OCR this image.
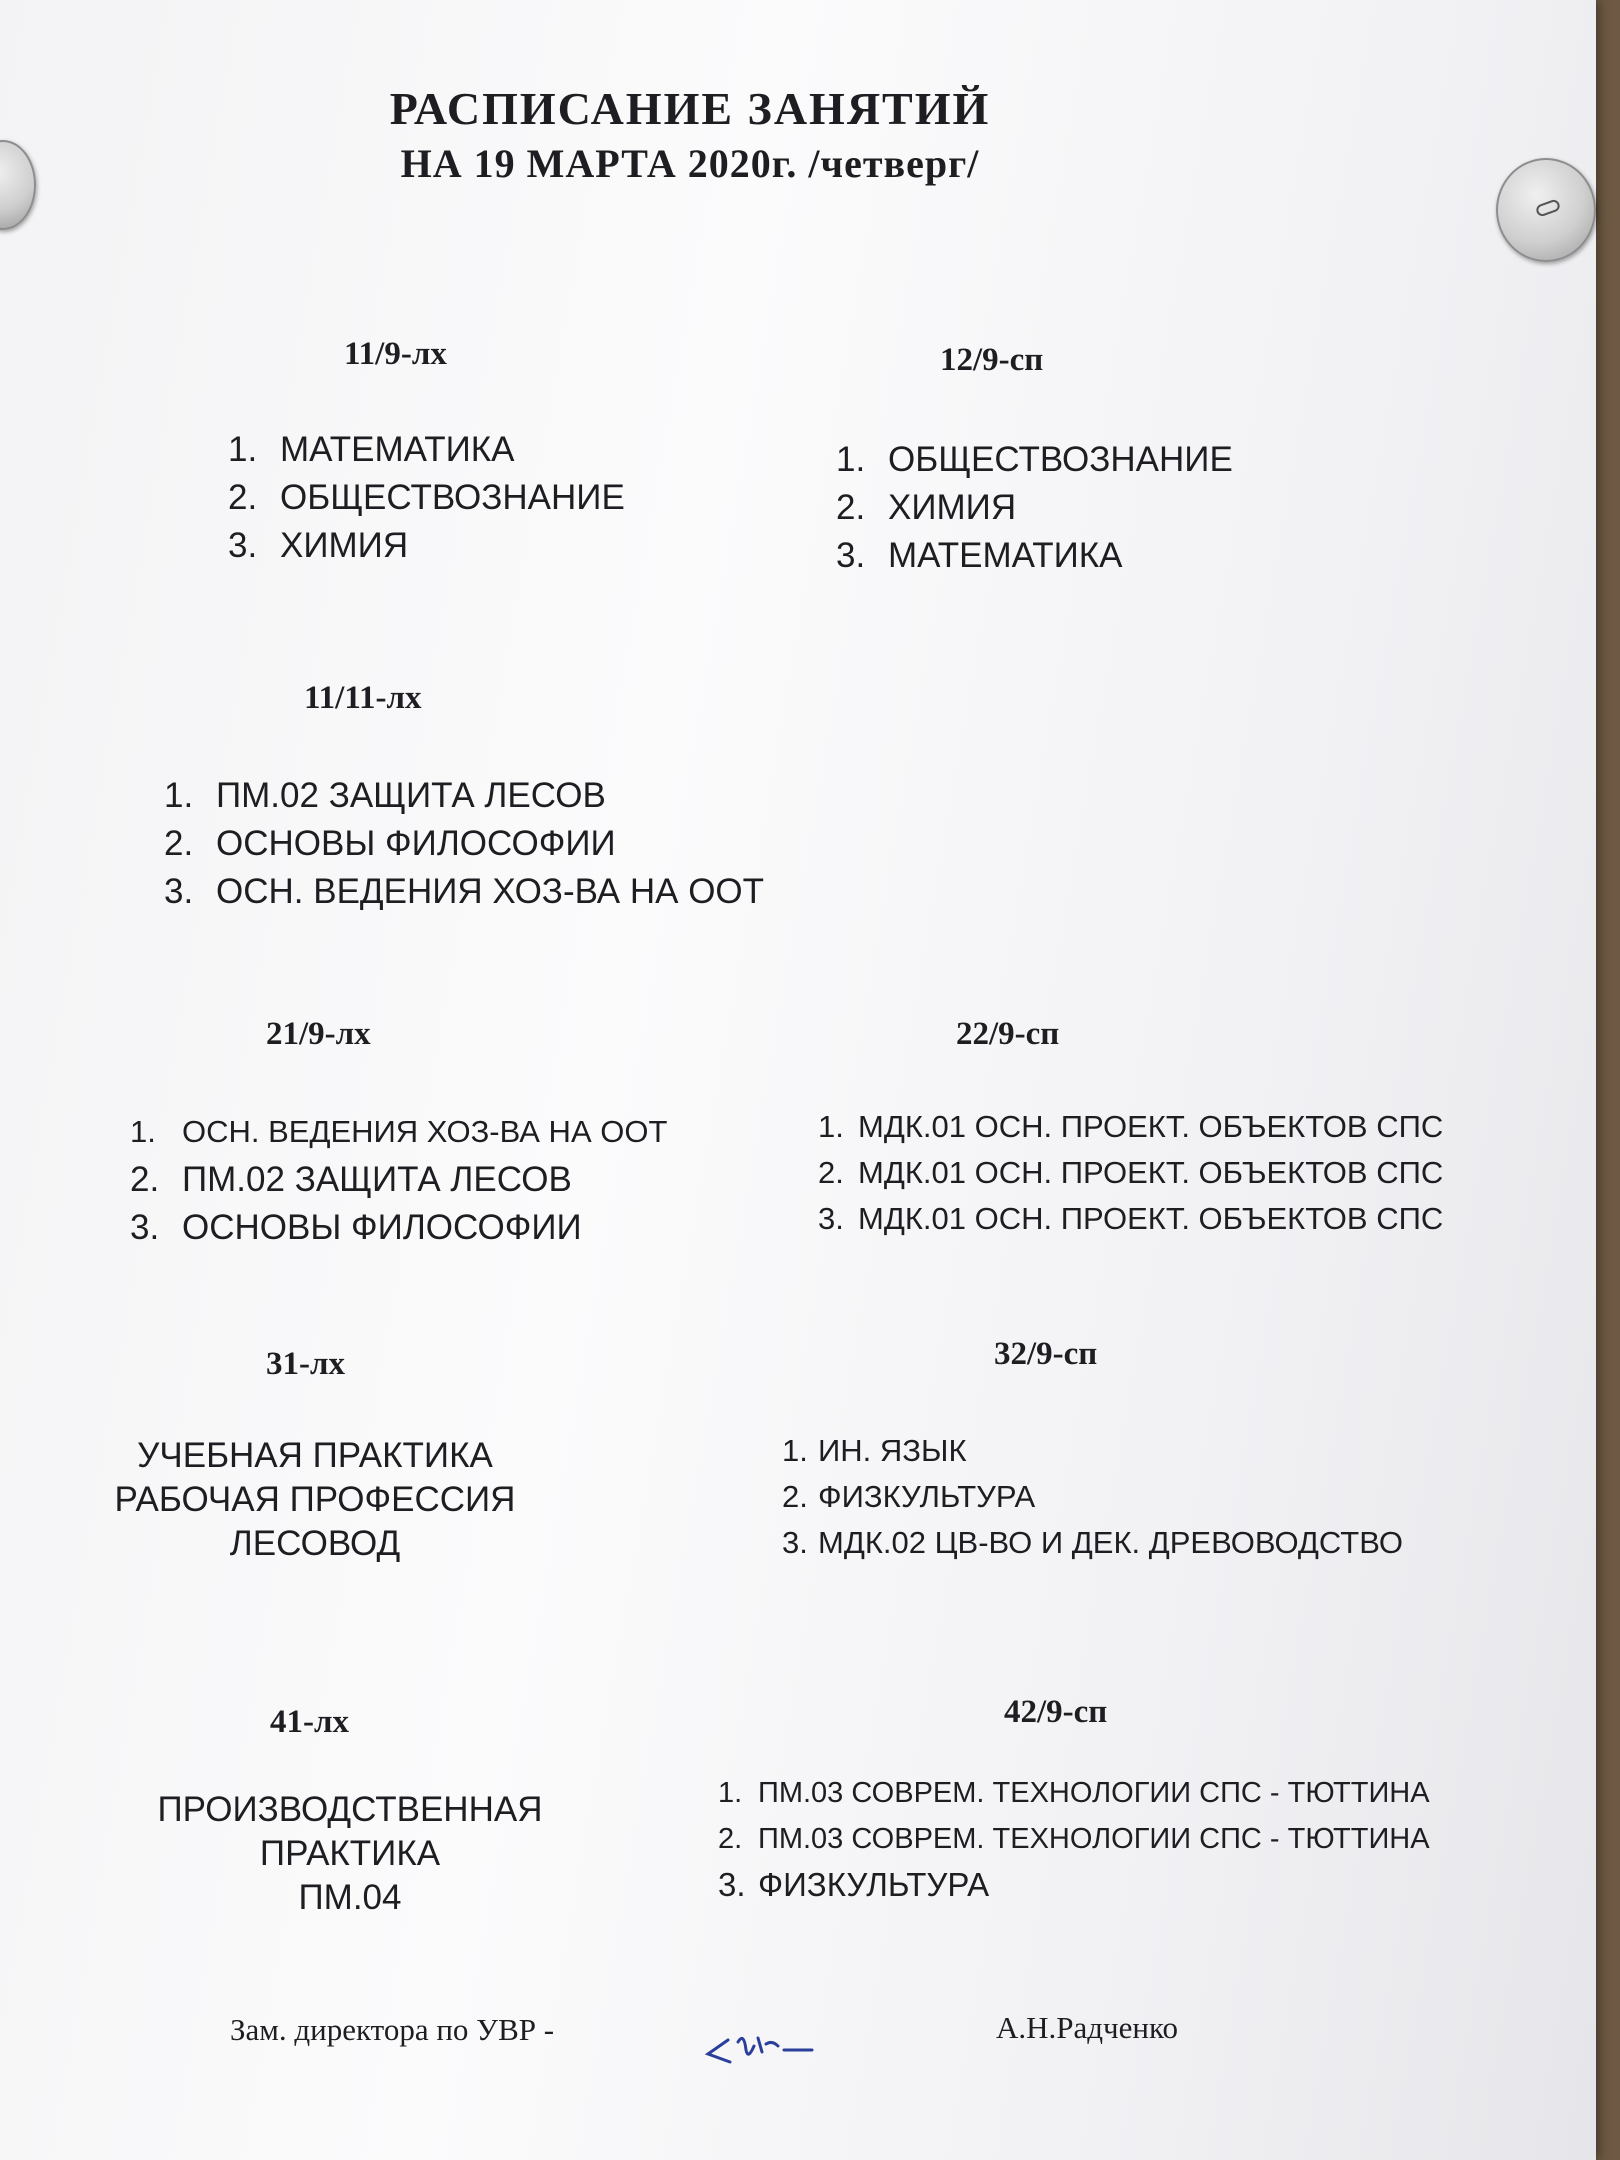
РАСПИСАНИЕ ЗАНЯТИЙ
НА 19 МАРТА 2020г. /четверг/
11/9-лх
1. МАТЕМАТИКА
2. ОБЩЕСТВОЗНАНИЕ
3. ХИМИЯ
12/9-сп
1. ОБЩЕСТВОЗНАНИЕ
2. ХИМИЯ
3. МАТЕМАТИКА
11/11-лх
1. ПМ.02 ЗАЩИТА ЛЕСОВ
2. ОСНОВЫ ФИЛОСОФИИ
3. ОСН. ВЕДЕНИЯ ХОЗ-ВА НА ООТ
21/9-лх
1. ОСН. ВЕДЕНИЯ ХОЗ-ВА НА ООТ
2. ПМ.02 ЗАЩИТА ЛЕСОВ
3. ОСНОВЫ ФИЛОСОФИИ
22/9-сп
1. МДК.01 ОСН. ПРОЕКТ. ОБЪЕКТОВ СПС
2. МДК.01 ОСН. ПРОЕКТ. ОБЪЕКТОВ СПС
3. МДК.01 ОСН. ПРОЕКТ. ОБЪЕКТОВ СПС
31-лх
УЧЕБНАЯ ПРАКТИКА
РАБОЧАЯ ПРОФЕССИЯ
ЛЕСОВОД
32/9-сп
1. ИН. ЯЗЫК
2. ФИЗКУЛЬТУРА
3. МДК.02 ЦВ-ВО И ДЕК. ДРЕВОВОДСТВО
41-лх
ПРОИЗВОДСТВЕННАЯ
ПРАКТИКА
ПМ.04
42/9-сп
1. ПМ.03 СОВРЕМ. ТЕХНОЛОГИИ СПС - ТЮТТИНА
2. ПМ.03 СОВРЕМ. ТЕХНОЛОГИИ СПС - ТЮТТИНА
3. ФИЗКУЛЬТУРА
Зам. директора по УВР -	А.Н.Радченко
